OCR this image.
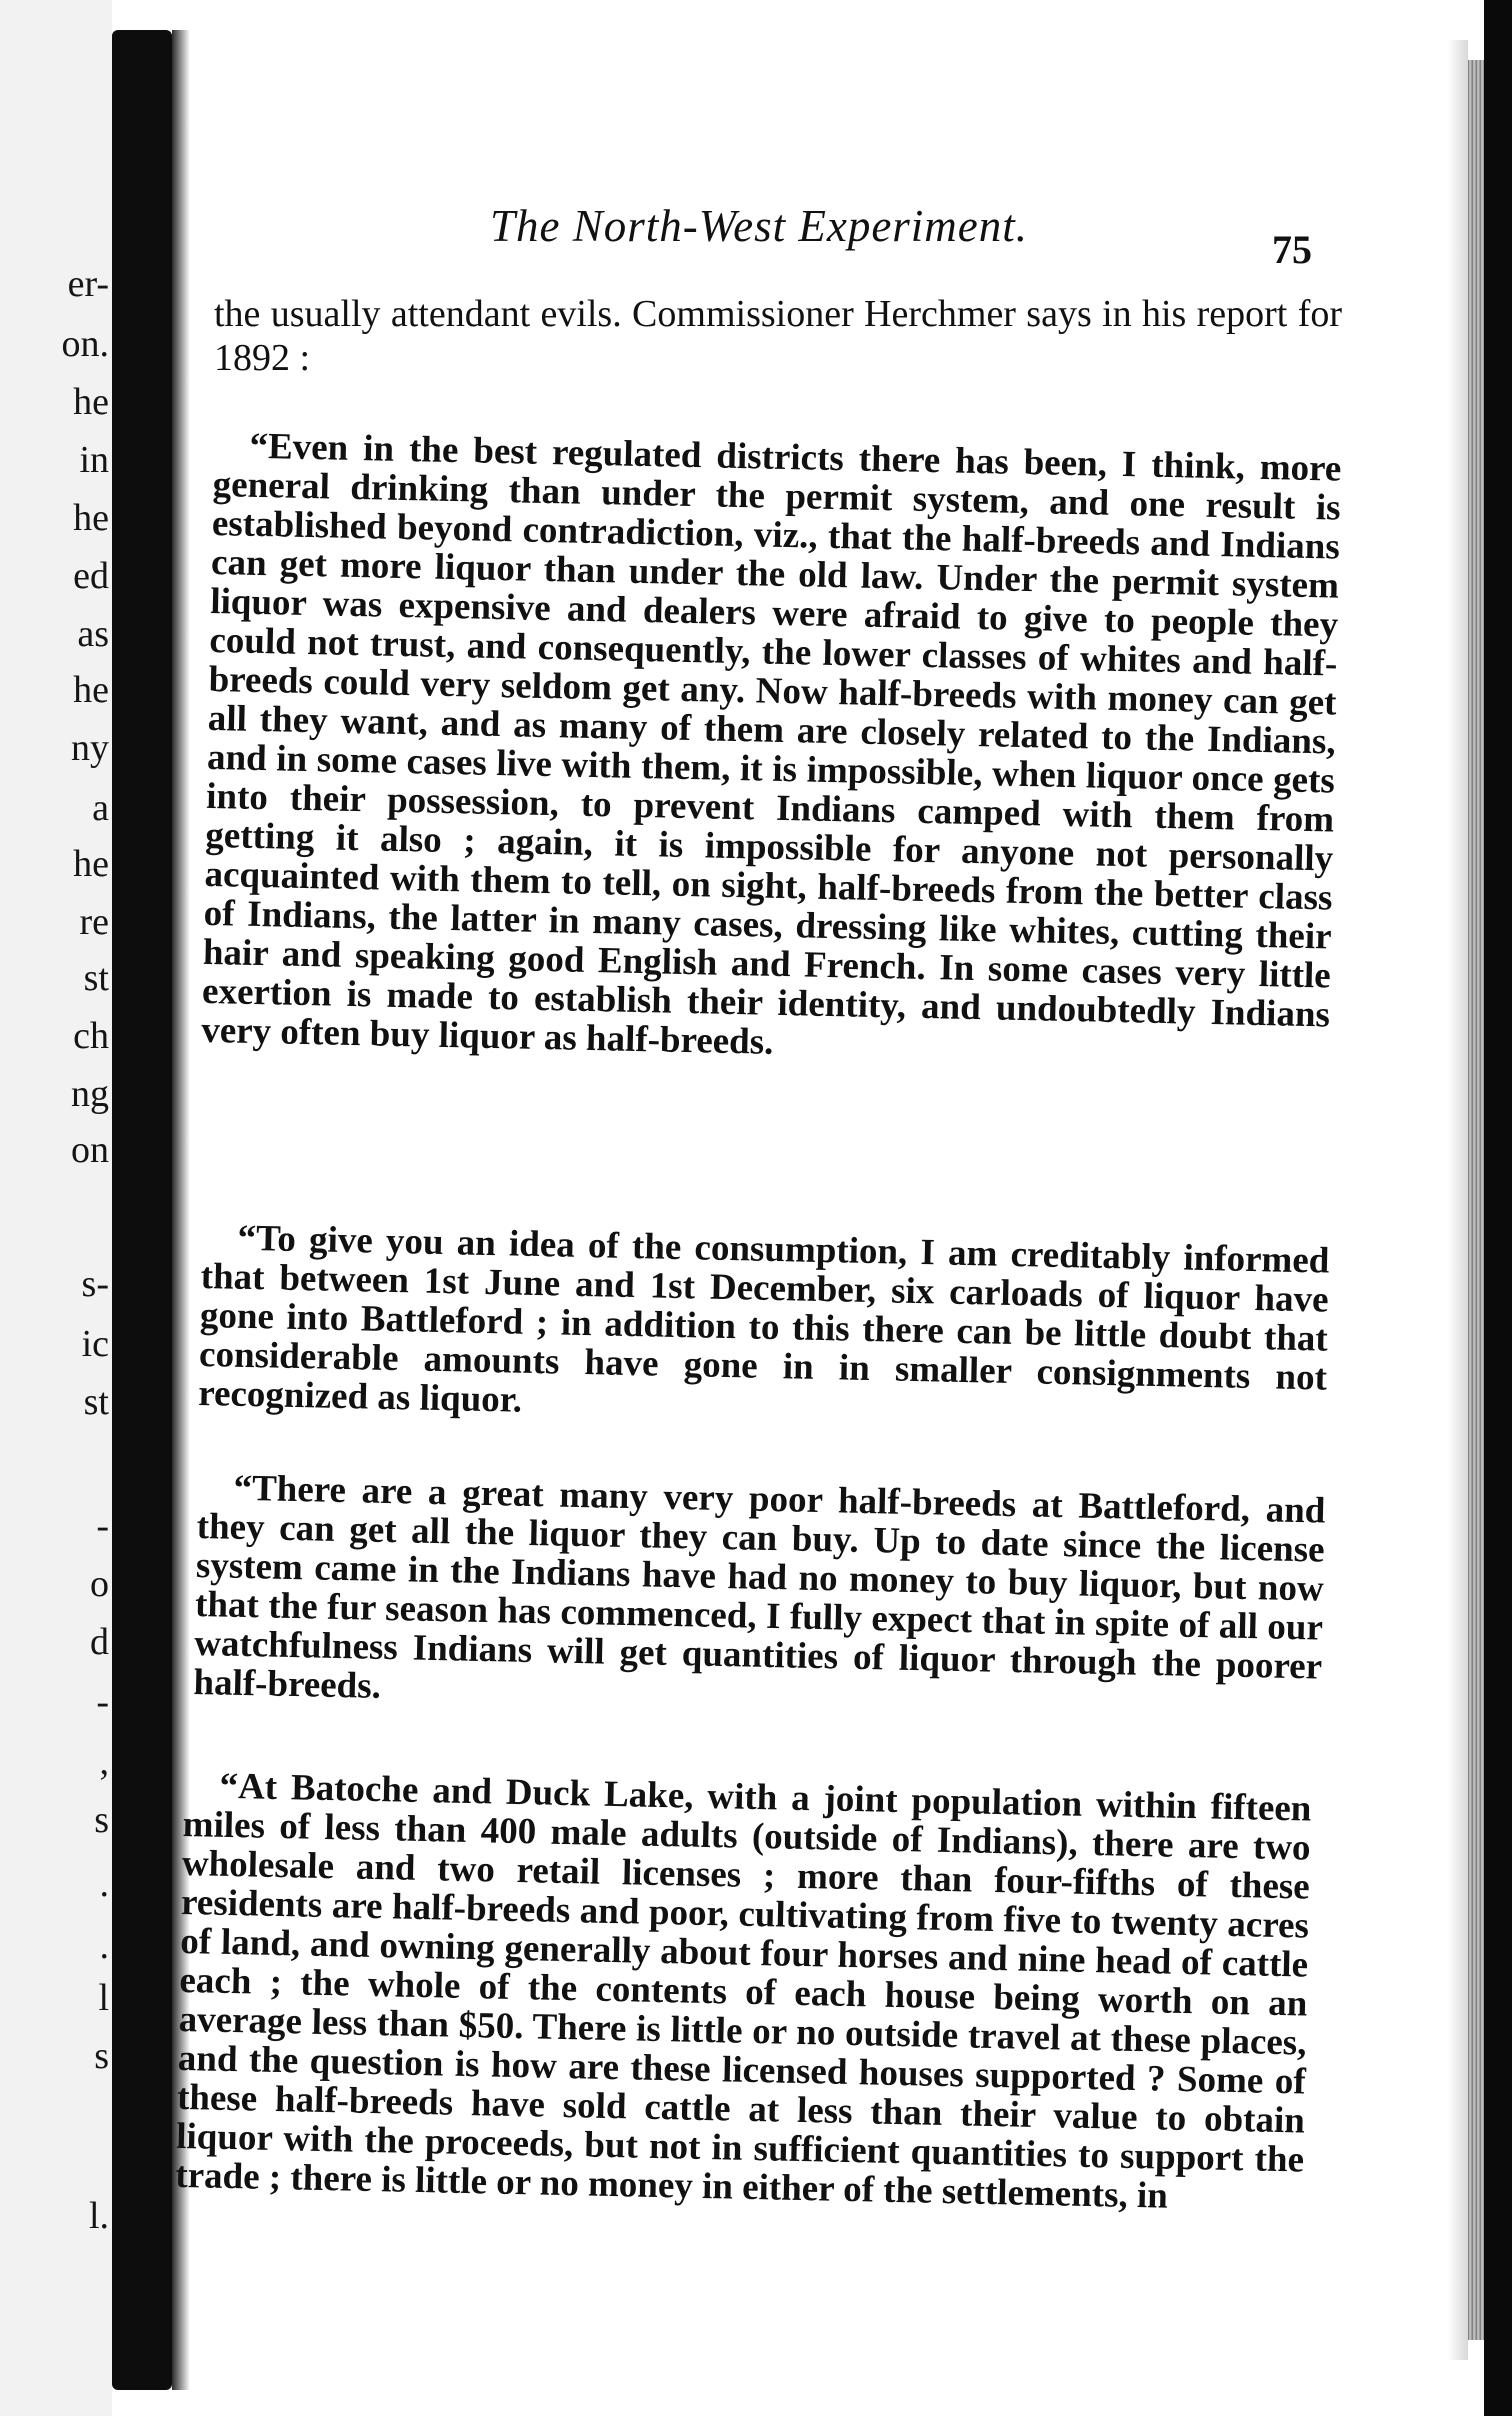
er-
on.
he
in
he
ed
as
he
ny
a
he
re
st
ch
ng
on
s-
ic
st
-
o
d
-
,
s
.
.
l
s
l.
The North-West Experiment.	75

the usually attendant evils. Commissioner Herchmer says in his report for 1892 :

“Even in the best regulated districts there has been, I think, more general drinking than under the permit system, and one result is established beyond contradiction, viz., that the half-breeds and Indians can get more liquor than under the old law. Under the permit system liquor was expensive and dealers were afraid to give to people they could not trust, and consequently, the lower classes of whites and half-breeds could very seldom get any. Now half-breeds with money can get all they want, and as many of them are closely related to the Indians, and in some cases live with them, it is impossible, when liquor once gets into their possession, to prevent Indians camped with them from getting it also ; again, it is impossible for anyone not personally acquainted with them to tell, on sight, half-breeds from the better class of Indians, the latter in many cases, dressing like whites, cutting their hair and speaking good English and French. In some cases very little exertion is made to establish their identity, and undoubtedly Indians very often buy liquor as half-breeds.

“To give you an idea of the consumption, I am creditably informed that between 1st June and 1st December, six carloads of liquor have gone into Battleford ; in addition to this there can be little doubt that considerable amounts have gone in in smaller consignments not recognized as liquor.

“There are a great many very poor half-breeds at Battleford, and they can get all the liquor they can buy. Up to date since the license system came in the Indians have had no money to buy liquor, but now that the fur season has commenced, I fully expect that in spite of all our watchfulness Indians will get quantities of liquor through the poorer half-breeds.

“At Batoche and Duck Lake, with a joint population within fifteen miles of less than 400 male adults (outside of Indians), there are two wholesale and two retail licenses ; more than four-fifths of these residents are half-breeds and poor, cultivating from five to twenty acres of land, and owning generally about four horses and nine head of cattle each ; the whole of the contents of each house being worth on an average less than $50. There is little or no outside travel at these places, and the question is how are these licensed houses supported ? Some of these half-breeds have sold cattle at less than their value to obtain liquor with the proceeds, but not in sufficient quantities to support the trade ; there is little or no money in either of the settlements, in
